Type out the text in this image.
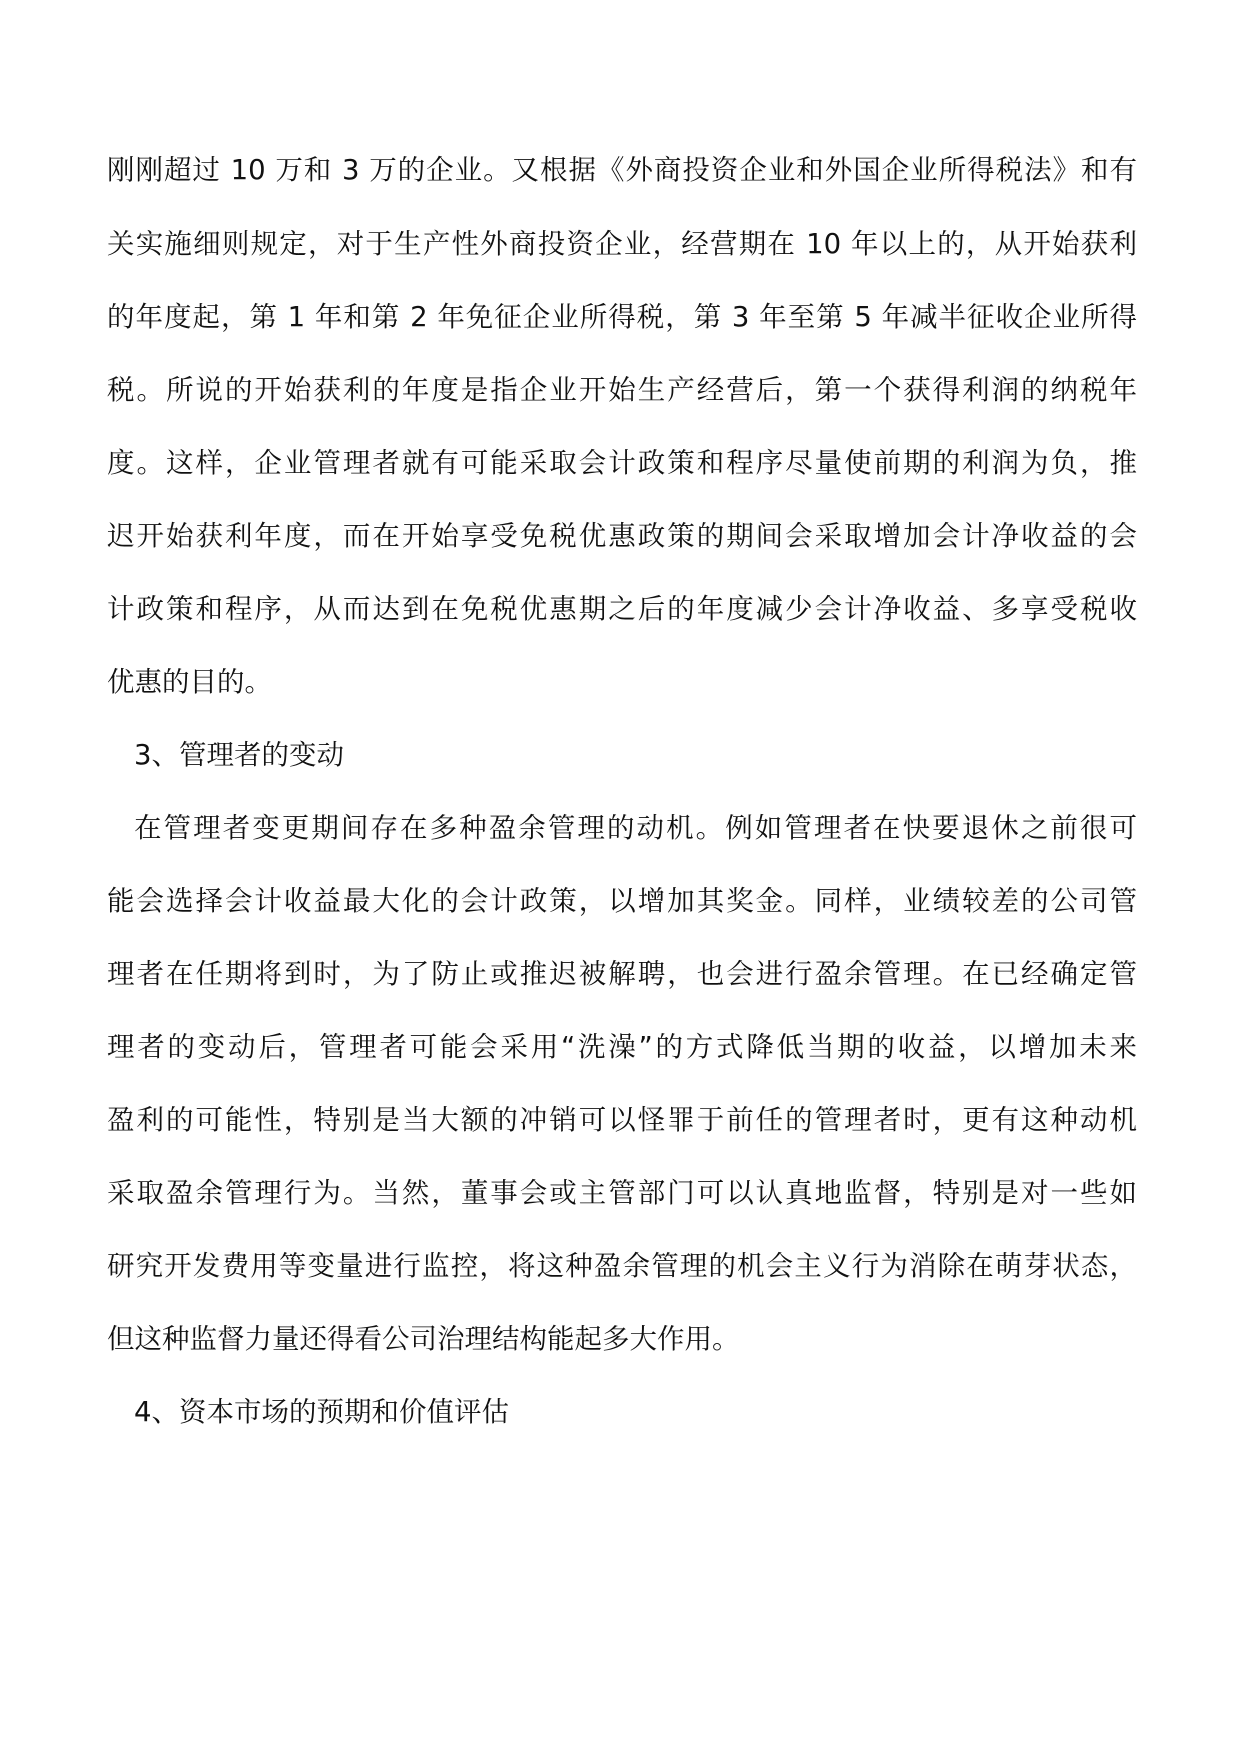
刚刚超过 10 万和 3 万的企业。又根据《外商投资企业和外国企业所得税法》和有

关实施细则规定，对于生产性外商投资企业，经营期在 10 年以上的，从开始获利

的年度起，第 1 年和第 2 年免征企业所得税，第 3 年至第 5 年减半征收企业所得

税。所说的开始获利的年度是指企业开始生产经营后，第一个获得利润的纳税年

度。这样，企业管理者就有可能采取会计政策和程序尽量使前期的利润为负，推

迟开始获利年度，而在开始享受免税优惠政策的期间会采取增加会计净收益的会

计政策和程序，从而达到在免税优惠期之后的年度减少会计净收益、多享受税收

优惠的目的。

3、管理者的变动

在管理者变更期间存在多种盈余管理的动机。例如管理者在快要退休之前很可

能会选择会计收益最大化的会计政策，以增加其奖金。同样，业绩较差的公司管

理者在任期将到时，为了防止或推迟被解聘，也会进行盈余管理。在已经确定管

理者的变动后，管理者可能会采用“洗澡”的方式降低当期的收益，以增加未来

盈利的可能性，特别是当大额的冲销可以怪罪于前任的管理者时，更有这种动机

采取盈余管理行为。当然，董事会或主管部门可以认真地监督，特别是对一些如

研究开发费用等变量进行监控，将这种盈余管理的机会主义行为消除在萌芽状态，

但这种监督力量还得看公司治理结构能起多大作用。

4、资本市场的预期和价值评估
